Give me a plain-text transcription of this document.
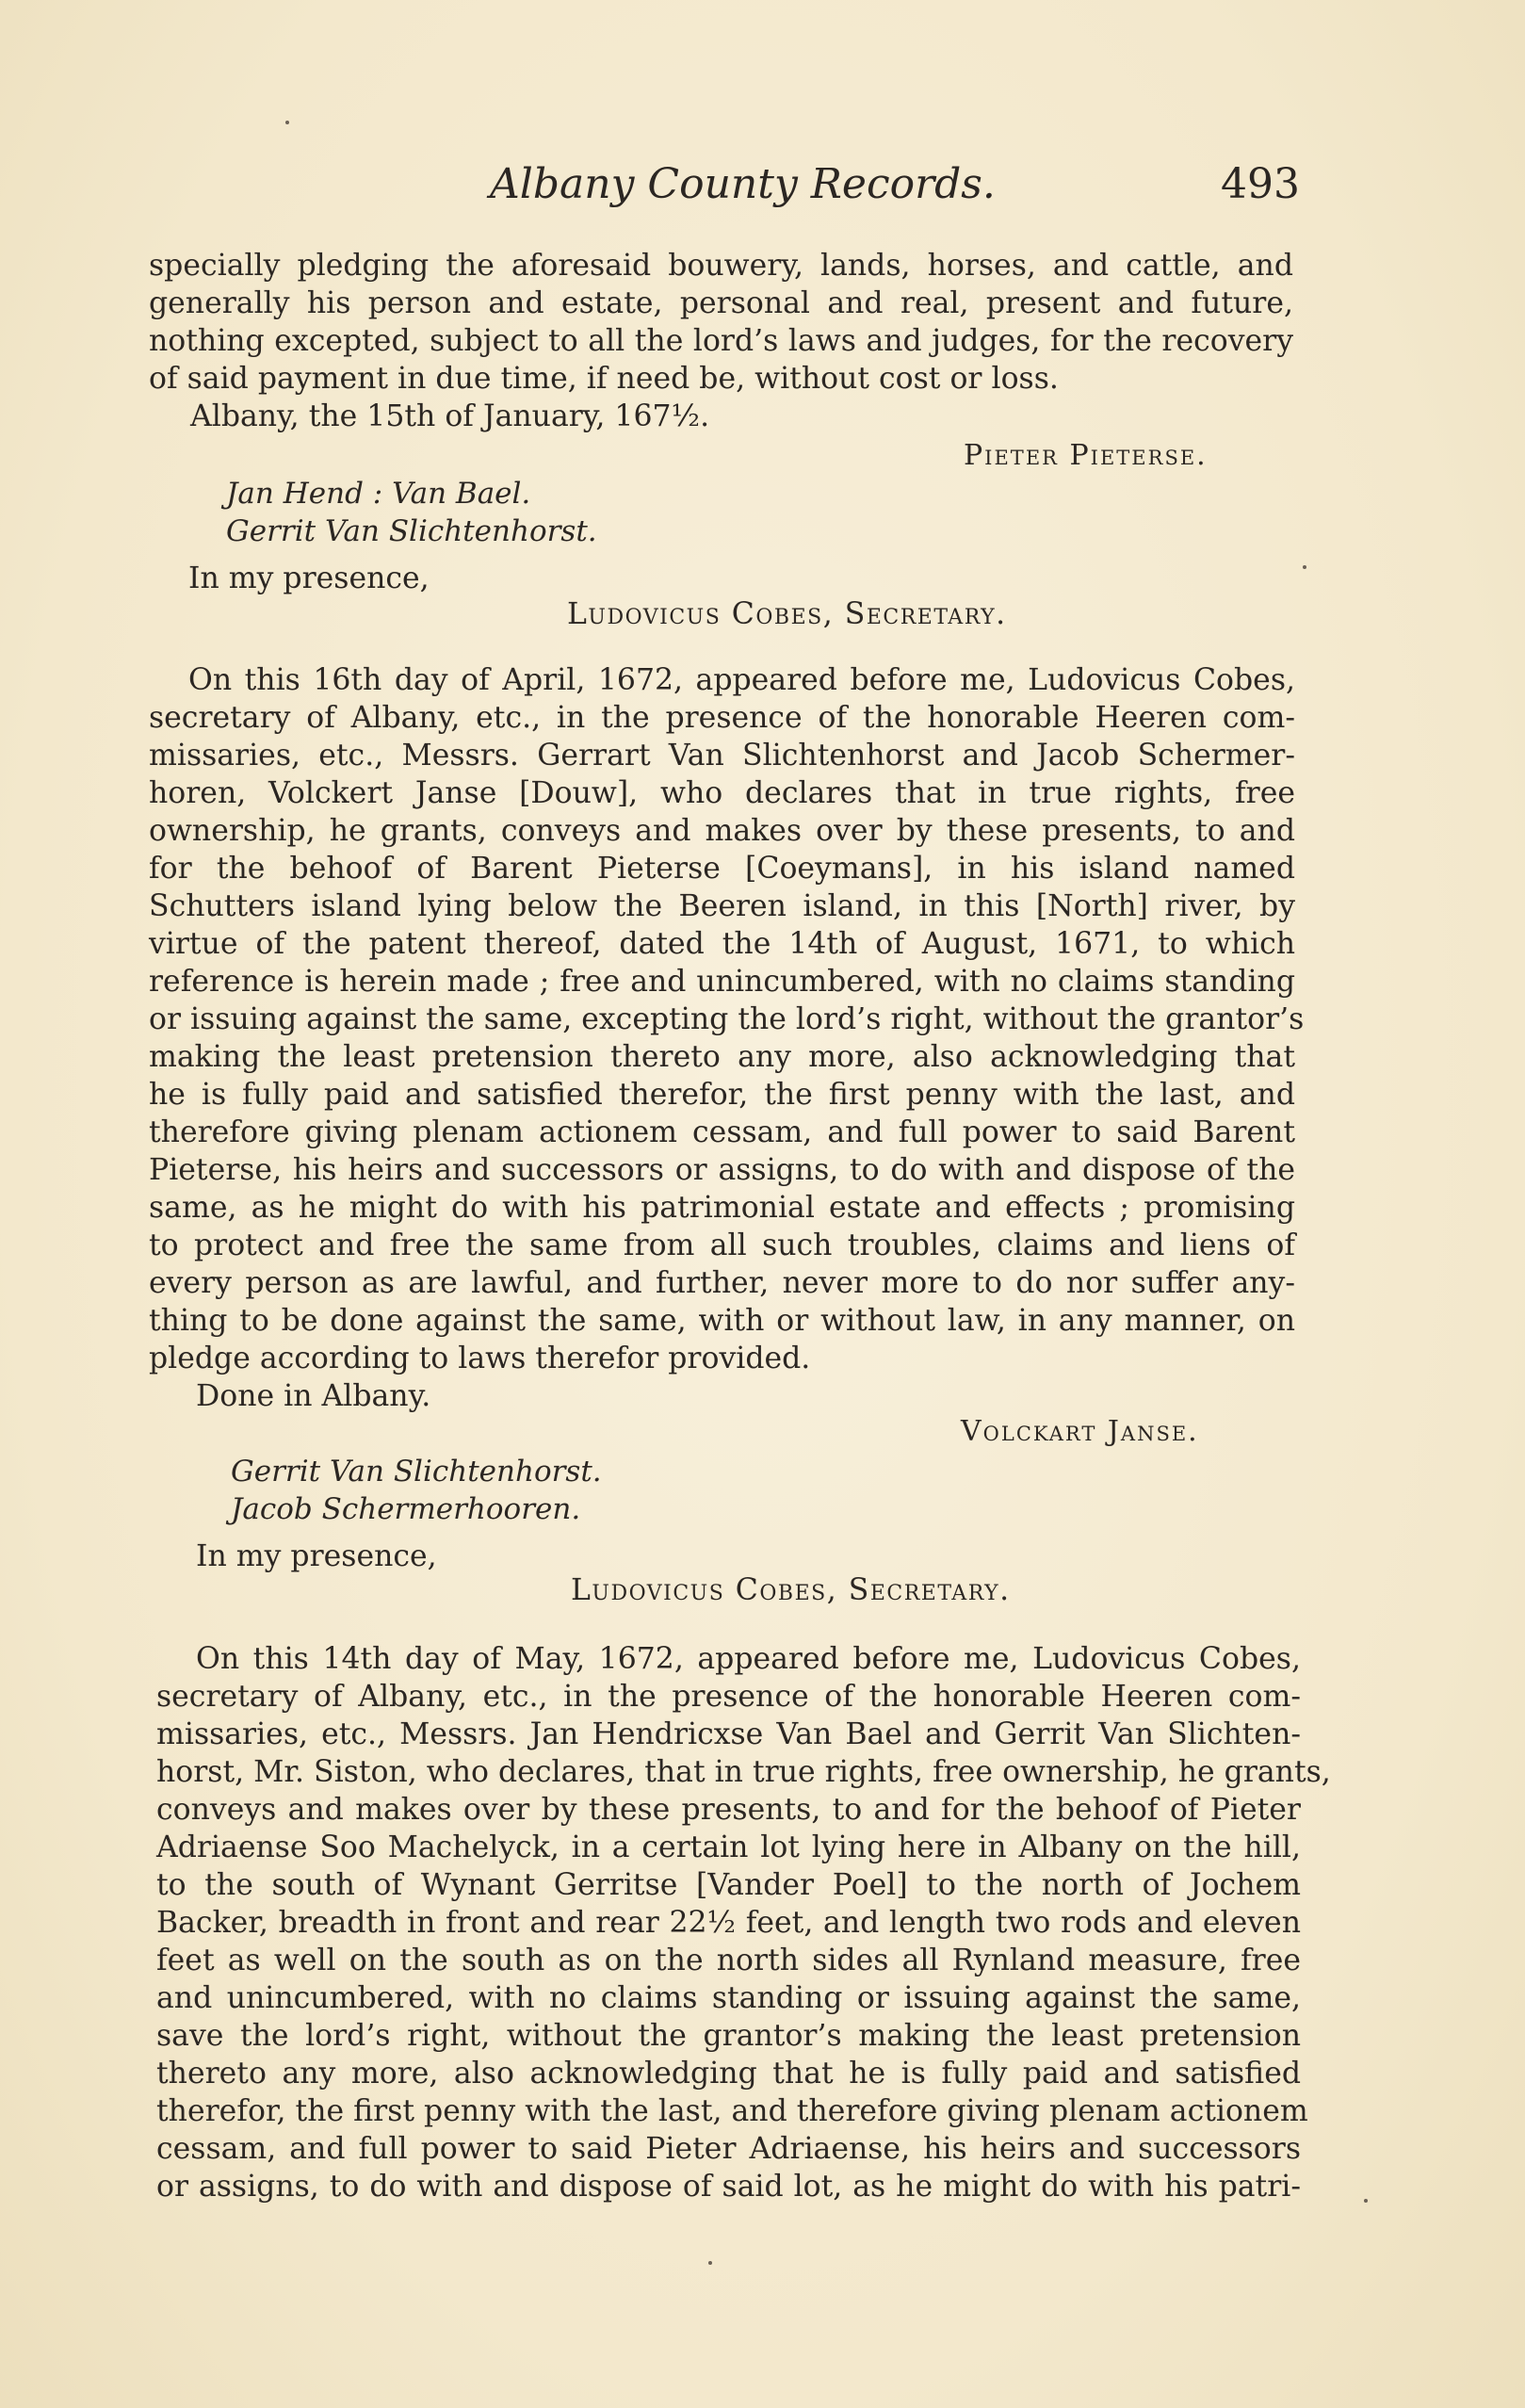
Albany County Records.	493
specially pledging the aforesaid bouwery, lands, horses, and cattle, and
generally his person and estate, personal and real, present and future,
nothing excepted, subject to all the lord’s laws and judges, for the recovery
of said payment in due time, if need be, without cost or loss.
Albany, the 15th of January, 167½.
Pieter Pieterse.
Jan Hend : Van Bael.
Gerrit Van Slichtenhorst.
In my presence,
Ludovicus Cobes, Secretary.
On this 16th day of April, 1672, appeared before me, Ludovicus Cobes,
secretary of Albany, etc., in the presence of the honorable Heeren com-
missaries, etc., Messrs. Gerrart Van Slichtenhorst and Jacob Schermer-
horen, Volckert Janse [Douw], who declares that in true rights, free
ownership, he grants, conveys and makes over by these presents, to and
for the behoof of Barent Pieterse [Coeymans], in his island named
Schutters island lying below the Beeren island, in this [North] river, by
virtue of the patent thereof, dated the 14th of August, 1671, to which
reference is herein made ; free and unincumbered, with no claims standing
or issuing against the same, excepting the lord’s right, without the grantor’s
making the least pretension thereto any more, also acknowledging that
he is fully paid and satisfied therefor, the first penny with the last, and
therefore giving plenam actionem cessam, and full power to said Barent
Pieterse, his heirs and successors or assigns, to do with and dispose of the
same, as he might do with his patrimonial estate and effects ; promising
to protect and free the same from all such troubles, claims and liens of
every person as are lawful, and further, never more to do nor suffer any-
thing to be done against the same, with or without law, in any manner, on
pledge according to laws therefor provided.
Done in Albany.
Volckart Janse.
Gerrit Van Slichtenhorst.
Jacob Schermerhooren.
In my presence,
Ludovicus Cobes, Secretary.
On this 14th day of May, 1672, appeared before me, Ludovicus Cobes,
secretary of Albany, etc., in the presence of the honorable Heeren com-
missaries, etc., Messrs. Jan Hendricxse Van Bael and Gerrit Van Slichten-
horst, Mr. Siston, who declares, that in true rights, free ownership, he grants,
conveys and makes over by these presents, to and for the behoof of Pieter
Adriaense Soo Machelyck, in a certain lot lying here in Albany on the hill,
to the south of Wynant Gerritse [Vander Poel] to the north of Jochem
Backer, breadth in front and rear 22½ feet, and length two rods and eleven
feet as well on the south as on the north sides all Rynland measure, free
and unincumbered, with no claims standing or issuing against the same,
save the lord’s right, without the grantor’s making the least pretension
thereto any more, also acknowledging that he is fully paid and satisfied
therefor, the first penny with the last, and therefore giving plenam actionem
cessam, and full power to said Pieter Adriaense, his heirs and successors
or assigns, to do with and dispose of said lot, as he might do with his patri-
